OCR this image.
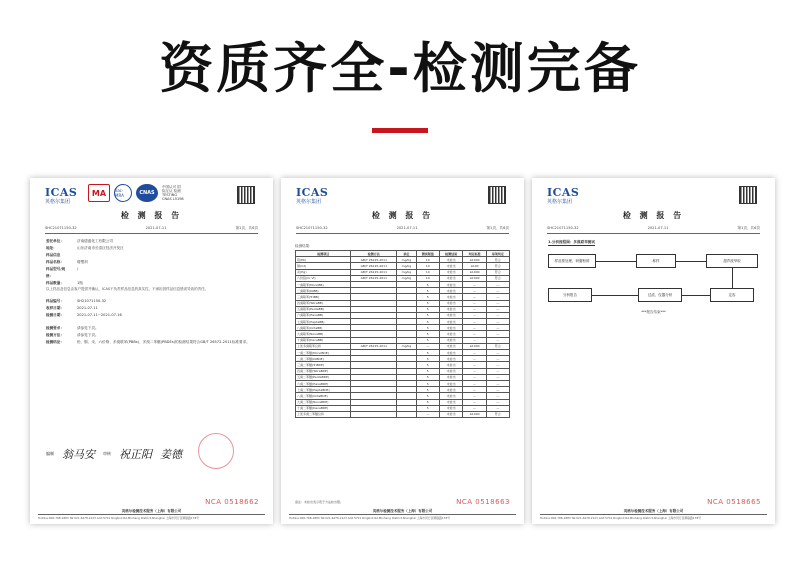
资质齐全-检测完备
ICAS
英格尔集团
MA	ilac-MRA	CNAS
中国认可 国际互认 检测 TESTING CNAS L5198
检 测 报 告
SHC21071150-32	2021-07-11	第1页，共6页
委托单位：	济南德盛化工有限公司
地址：	山东济南市长清区经济开发区
样品信息
样品名称：	增塑剂
样品型号/规格：
/
样品数量：	1瓶
以上样品及信息由客户提供并确认，ICAS不负责样品信息的真实性，不承担因样品信息错误导致的责任。
样品编号：	SH21071150-32
收样日期：	2021-07-11
检测日期：	2021-07-11~2021-07-16
检测要求：	请参见下页。
检测方法：	请参见下页。
检测结论：	铅、镉、汞、六价铬、多溴联苯(PBBs)、多溴二苯醚(PBDEs)的检测结果符合GB/T 26572-2011标准要求。
编制 翁马安 审核 祝正阳 姜德
NCA 0518662
英格尔检测技术服务（上海）有限公司
Hotline:000-768-1883 Tel:021-6478-2123 Add:5701 Ringboll Rd,Minhang District,Shanghai 上海市闵行区顺联路178号
ICAS
英格尔集团
检 测 报 告
SHC21071150-32	2021-07-11	第1页，共6页
检测结果：
检测项目	检测方法	单位	测试限值	检测结果	判定标准	单项判定
铅(Pb)	GB/T 26125-2011	mg/kg	10	未检出	≤1000	符合
镉(Cd)	GB/T 26125-2011	mg/kg	10	未检出	≤100	符合
汞(Hg)	GB/T 26125-2011	mg/kg	10	未检出	≤1000	符合
六价铬(Cr VI)	GB/T 26125-2011	mg/kg	10	未检出	≤1000	符合
一溴联苯(MonoBB)			5	未检出	—	—
二溴联苯(DiBB)			5	未检出	—	—
三溴联苯(TriBB)			5	未检出	—	—
四溴联苯(TetraBB)			5	未检出	—	—
五溴联苯(PentaBB)			5	未检出	—	—
六溴联苯(HexaBB)			5	未检出	—	—
七溴联苯(HeptaBB)			5	未检出	—	—
八溴联苯(OctaBB)			5	未检出	—	—
九溴联苯(NonaBB)			5	未检出	—	—
十溴联苯(DecaBB)			5	未检出	—	—
上述多溴联苯总和	GB/T 26125-2011	mg/kg	—	未检出	≤1000	符合
一溴二苯醚(MonoBDE)			5	未检出	—	—
二溴二苯醚(DiBDE)			5	未检出	—	—
三溴二苯醚(TriBDE)			5	未检出	—	—
四溴二苯醚(TetraBDE)			5	未检出	—	—
五溴二苯醚(PentaBDE)			5	未检出	—	—
六溴二苯醚(HexaBDE)			5	未检出	—	—
七溴二苯醚(HeptaBDE)			5	未检出	—	—
八溴二苯醚(OctaBDE)			5	未检出	—	—
九溴二苯醚(NonaBDE)			5	未检出	—	—
十溴二苯醚(DecaBDE)			5	未检出	—	—
上述多溴二苯醚总和			—	未检出	≤1000	符合
备注：未检出表示低于方法检出限。	NCA 0518663
英格尔检测技术服务（上海）有限公司
Hotline:000-768-1883 Tel:021-6478-2123 Add:5701 Ringboll Rd,Minhang District,Shanghai 上海市闵行区顺联路178号
ICAS
英格尔集团
检 测 报 告
SHC21071150-32	2021-07-11	第1页，共6页
1.分析流程图：多溴联苯测试
样品预处理、研磨粉碎	称样	超声波萃取
分析报告	过滤、仪器分析	定容
***报告结束***
NCA 0518665
英格尔检测技术服务（上海）有限公司
Hotline:000-768-1883 Tel:021-6478-2123 Add:5701 Ringboll Rd,Minhang District,Shanghai 上海市闵行区顺联路178号
